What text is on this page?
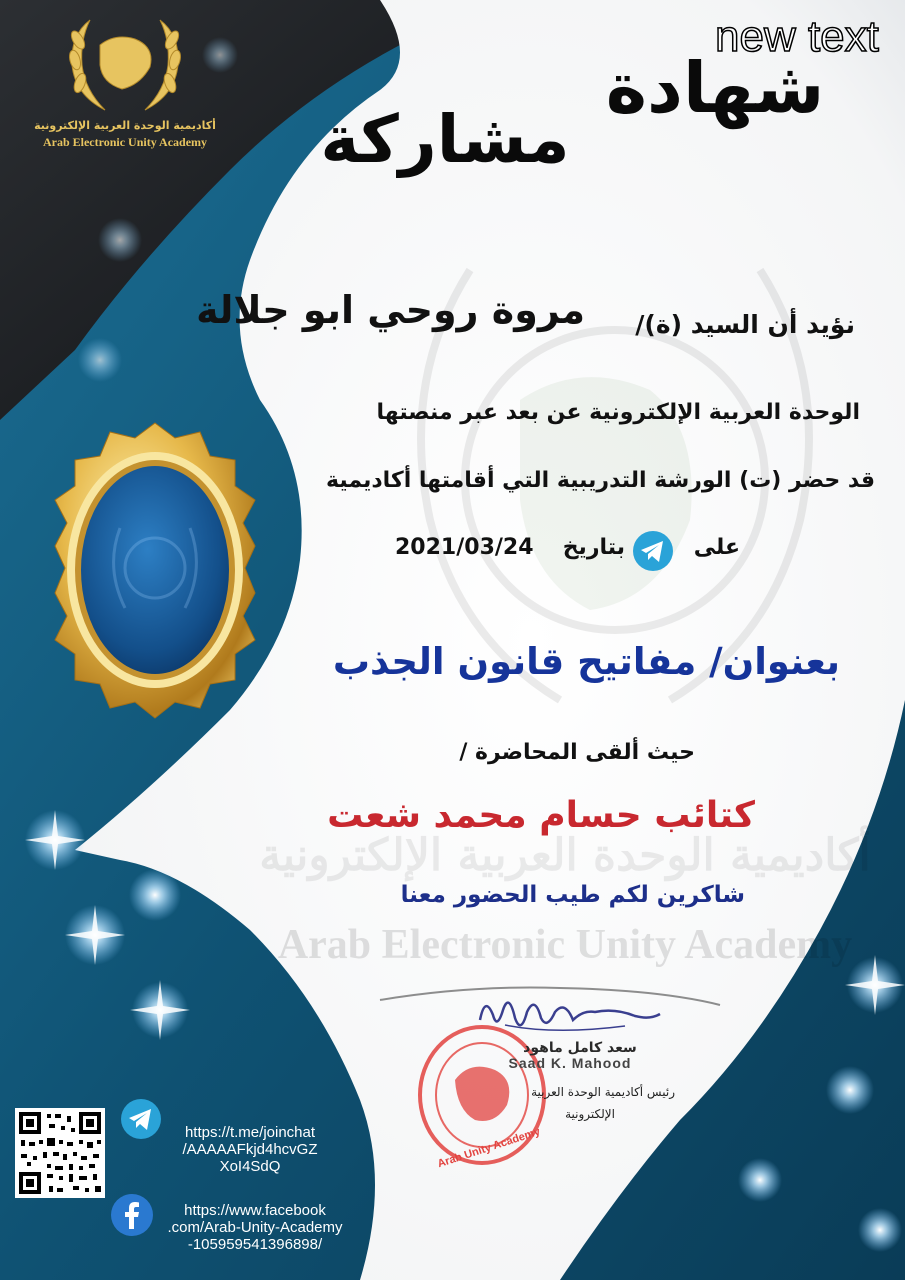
أكاديمية الوحدة العربية الإلكترونية
Arab Electronic Unity Academy
new text
أكاديمية الوحدة العربية الإلكترونية
Arab Electronic Unity Academy
شهادة
مشاركة
نؤيد أن السيد (ة)/
مروة روحي ابو جلالة
الوحدة العربية الإلكترونية عن بعد عبر منصتها
قد حضر (ت) الورشة التدريبية التي أقامتها أكاديمية
على
بتاريخ
2021/03/24
بعنوان/ مفاتيح قانون الجذب
حيث ألقى المحاضرة /
كتائب حسام محمد شعت
شاكرين لكم طيب الحضور معنا
Arab Unity Academy
سعد كامل ماهود
Saad K. Mahood
رئيس أكاديمية الوحدة العربية
الإلكترونية
https://t.me/joinchat
/AAAAAFkjd4hcvGZ
XoI4SdQ
https://www.facebook
.com/Arab-Unity-Academy
-105959541396898/
